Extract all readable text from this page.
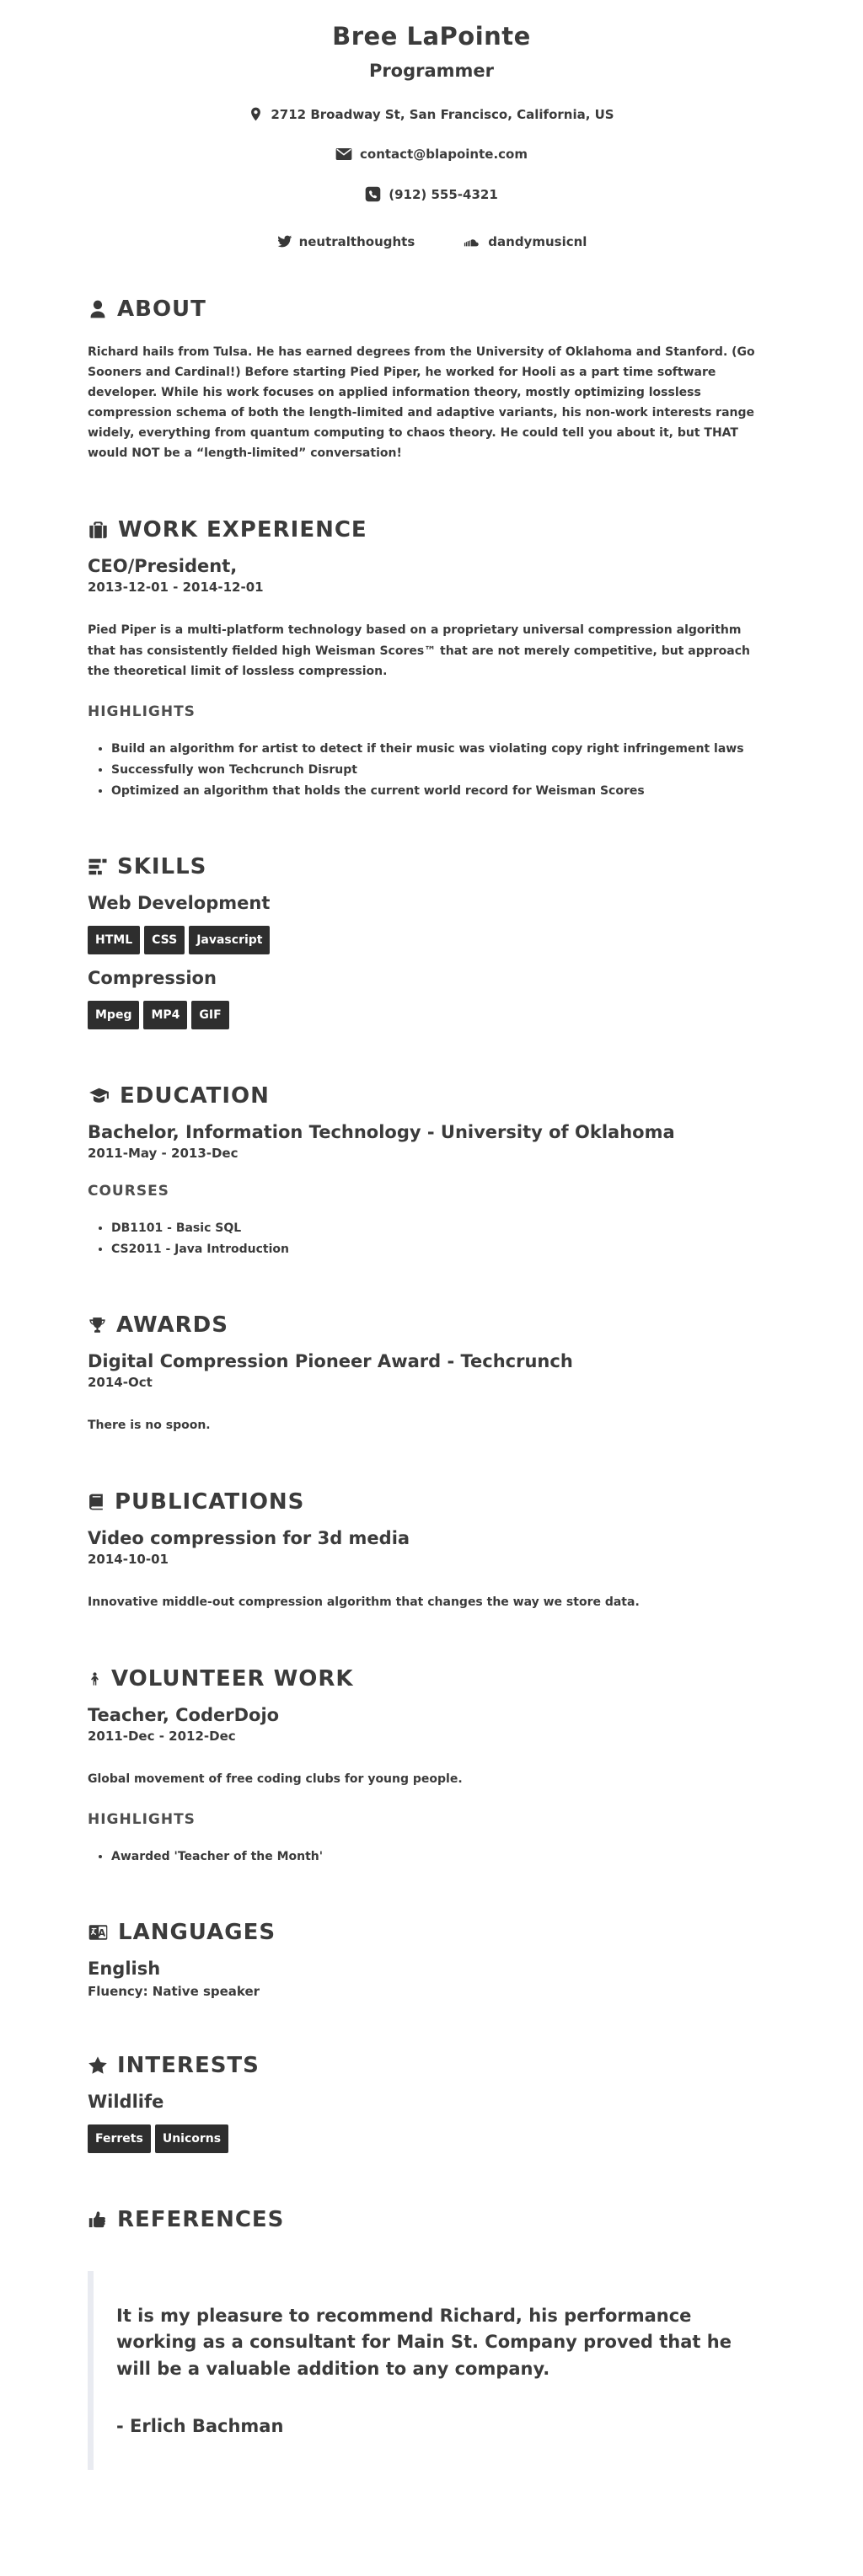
Bree LaPointe
Programmer
2712 Broadway St, San Francisco, California, US
contact@blapointe.com
(912) 555-4321
neutralthoughts	dandymusicnl
ABOUT

Richard hails from Tulsa. He has earned degrees from the University of Oklahoma and Stanford. (Go Sooners and Cardinal!) Before starting Pied Piper, he worked for Hooli as a part time software developer. While his work focuses on applied information theory, mostly optimizing lossless compression schema of both the length-limited and adaptive variants, his non-work interests range widely, everything from quantum computing to chaos theory. He could tell you about it, but THAT would NOT be a “length-limited” conversation!

WORK EXPERIENCE
CEO/President,
2013-12-01 - 2014-12-01

Pied Piper is a multi-platform technology based on a proprietary universal compression algorithm that has consistently fielded high Weisman Scores™ that are not merely competitive, but approach the theoretical limit of lossless compression.

HIGHLIGHTS
• Build an algorithm for artist to detect if their music was violating copy right infringement laws
• Successfully won Techcrunch Disrupt
• Optimized an algorithm that holds the current world record for Weisman Scores
SKILLS
Web Development
HTML	CSS	Javascript
Compression
Mpeg	MP4	GIF
EDUCATION
Bachelor, Information Technology - University of Oklahoma
2011-May - 2013-Dec
COURSES
• DB1101 - Basic SQL
• CS2011 - Java Introduction
AWARDS
Digital Compression Pioneer Award - Techcrunch
2014-Oct

There is no spoon.

PUBLICATIONS
Video compression for 3d media
2014-10-01

Innovative middle-out compression algorithm that changes the way we store data.

VOLUNTEER WORK
Teacher, CoderDojo
2011-Dec - 2012-Dec

Global movement of free coding clubs for young people.

HIGHLIGHTS
• Awarded 'Teacher of the Month'
A LANGUAGES
English
Fluency: Native speaker
INTERESTS
Wildlife
Ferrets	Unicorns
REFERENCES

It is my pleasure to recommend Richard, his performance working as a consultant for Main St. Company proved that he will be a valuable addition to any company.

- Erlich Bachman
